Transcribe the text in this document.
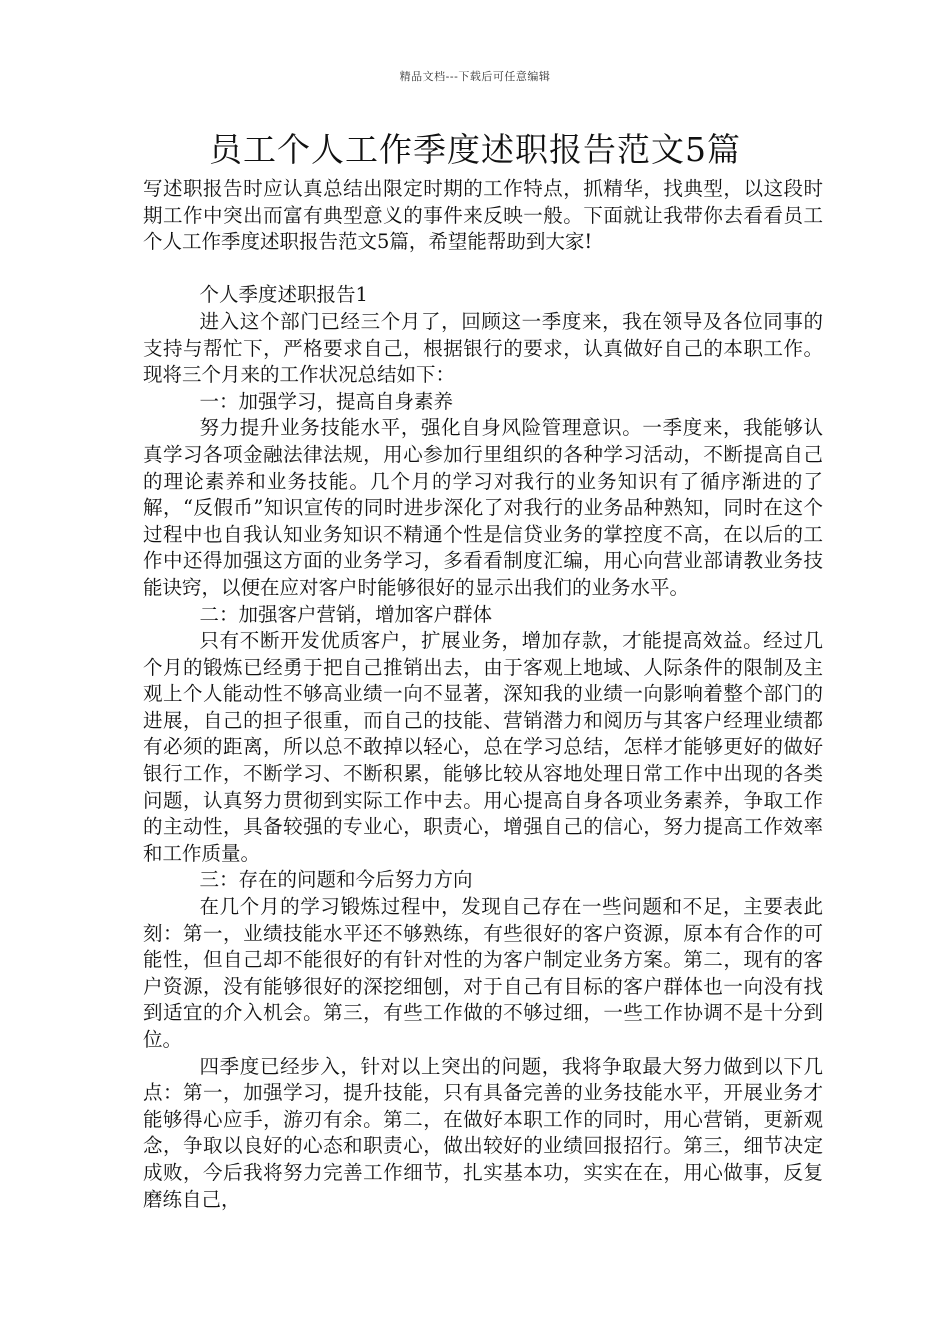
精品文档---下载后可任意编辑
员工个人工作季度述职报告范文5篇

写述职报告时应认真总结出限定时期的工作特点，抓精华，找典型，以这段时期工作中突出而富有典型意义的事件来反映一般。下面就让我带你去看看员工个人工作季度述职报告范文5篇，希望能帮助到大家!

个人季度述职报告1

进入这个部门已经三个月了，回顾这一季度来，我在领导及各位同事的支持与帮忙下，严格要求自己，根据银行的要求，认真做好自己的本职工作。现将三个月来的工作状况总结如下：

一：加强学习，提高自身素养

努力提升业务技能水平，强化自身风险管理意识。一季度来，我能够认真学习各项金融法律法规，用心参加行里组织的各种学习活动，不断提高自己的理论素养和业务技能。几个月的学习对我行的业务知识有了循序渐进的了解，“反假币”知识宣传的同时进步深化了对我行的业务品种熟知，同时在这个过程中也自我认知业务知识不精通个性是信贷业务的掌控度不高，在以后的工作中还得加强这方面的业务学习，多看看制度汇编，用心向营业部请教业务技能诀窍，以便在应对客户时能够很好的显示出我们的业务水平。

二：加强客户营销，增加客户群体

只有不断开发优质客户，扩展业务，增加存款，才能提高效益。经过几个月的锻炼已经勇于把自己推销出去，由于客观上地域、人际条件的限制及主观上个人能动性不够高业绩一向不显著，深知我的业绩一向影响着整个部门的进展，自己的担子很重，而自己的技能、营销潜力和阅历与其客户经理业绩都有必须的距离，所以总不敢掉以轻心，总在学习总结，怎样才能够更好的做好银行工作，不断学习、不断积累，能够比较从容地处理日常工作中出现的各类问题，认真努力贯彻到实际工作中去。用心提高自身各项业务素养，争取工作的主动性，具备较强的专业心，职责心，增强自己的信心，努力提高工作效率和工作质量。

三：存在的问题和今后努力方向

在几个月的学习锻炼过程中，发现自己存在一些问题和不足，主要表此刻：第一，业绩技能水平还不够熟练，有些很好的客户资源，原本有合作的可能性，但自己却不能很好的有针对性的为客户制定业务方案。第二，现有的客户资源，没有能够很好的深挖细刨，对于自己有目标的客户群体也一向没有找到适宜的介入机会。第三，有些工作做的不够过细，一些工作协调不是十分到位。

四季度已经步入，针对以上突出的问题，我将争取最大努力做到以下几点：第一，加强学习，提升技能，只有具备完善的业务技能水平，开展业务才能够得心应手，游刃有余。第二，在做好本职工作的同时，用心营销，更新观念，争取以良好的心态和职责心，做出较好的业绩回报招行。第三，细节决定成败，今后我将努力完善工作细节，扎实基本功，实实在在，用心做事，反复磨练自己，
